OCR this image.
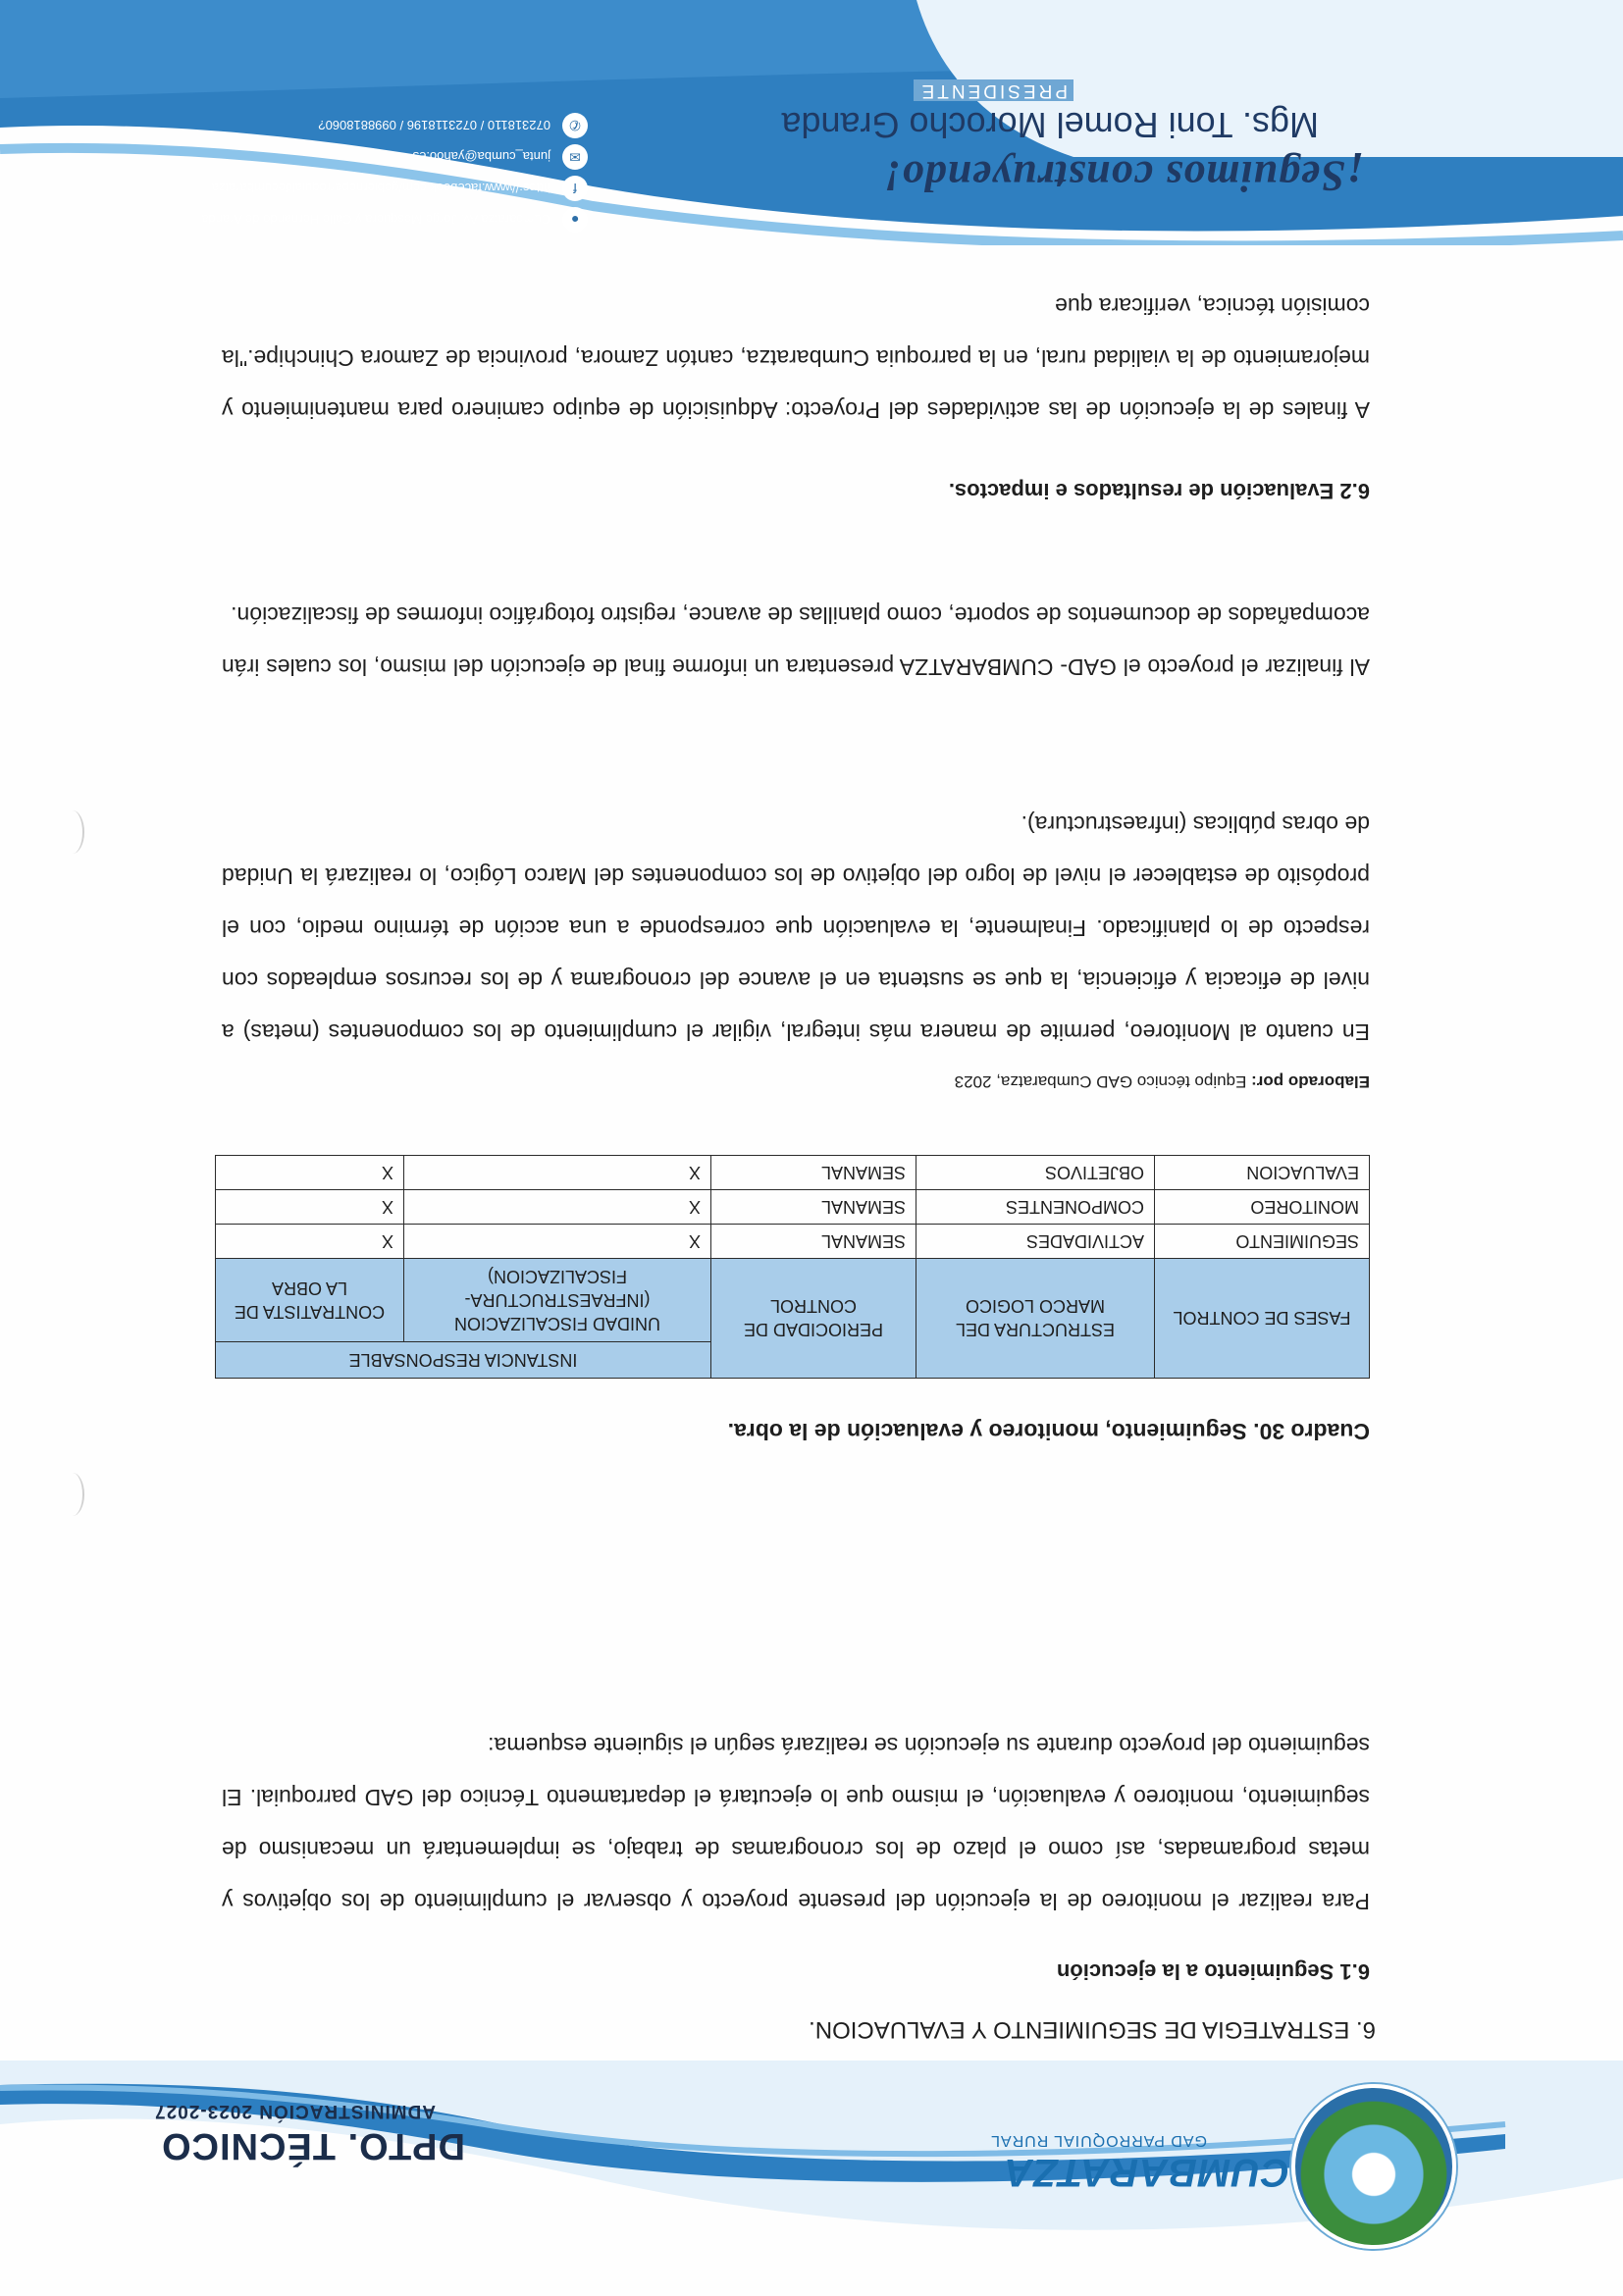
CUMBARATZA
GAD PARROQUIAL RURAL
DPTO. TÉCNICO
ADMINISTRACIÓN 2023-2027
6. ESTRATEGIA DE SEGUIMIENTO Y EVALUACION.
6.1 Seguimiento a la ejecución
Para realizar el monitoreo de la ejecución del presente proyecto y observar el cumplimiento de los objetivos y metas programadas, así como el plazo de los cronogramas de trabajo, se implementará un mecanismo de seguimiento, monitoreo y evaluación, el mismo que lo ejecutará el departamento Técnico del GAD parroquial. El seguimiento del proyecto durante su ejecución se realizará según el siguiente esquema:
Cuadro 30. Seguimiento, monitoreo y evaluación de la obra.
FASES DE CONTROL	ESTRUCTURA DEL MARCO LOGICO	PERIOCIDAD DE CONTROL	INSTANCIA RESPONSABLE	
			UNIDAD FISCALIZACION (INFRAESTRUCTURA-FISCALIZACION)	CONTRATISTA DE LA OBRA
SEGUIMIENTO	ACTIVIDADES	SEMANAL	X	X
MONITOREO	COMPONENTES	SEMANAL	X	X
EVALUACION	OBJETIVOS	SEMANAL	X	X
Elaborado por: Equipo técnico GAD Cumbaratza, 2023
En cuanto al Monitoreo, permite de manera más integral, vigilar el cumplimiento de los componentes (metas) a nivel de eficacia y eficiencia, la que se sustenta en el avance del cronograma y de los recursos empleados con respecto de lo planificado. Finalmente, la evaluación que corresponde a una acción de término medio, con el propósito de establecer el nivel de logro del objetivo de los componentes del Marco Lógico, lo realizará la Unidad de obras públicas (infraestructura).
Al finalizar el proyecto el GAD- CUMBARATZA presentara un informe final de ejecución del mismo, los cuales irán acompañados de documentos de soporte, como planillas de avance, registro fotográfico informes de fiscalización.
6.2 Evaluación de resultados e impactos.
A finales de la ejecución de las actividades del Proyecto: Adquisición de equipo caminero para mantenimiento y mejoramiento de la vialidad rural, en la parroquia Cumbaratza, cantón Zamora, provincia de Zamora Chinchipe."la comisión técnica, verificara que
¡Seguimos construyendo!
Mgs. Toni Romel Morocho Granda
PRESIDENTE
●
Cumbaratza Av. Jorge Mosquera y Calle Hernando de Aranda
f
https://www.facebook.com/gobiernoparroquialdecumbaratza
✉
junta_cumba@yahoo.es
✆
072318110 / 0723118196 / 0998818060?
